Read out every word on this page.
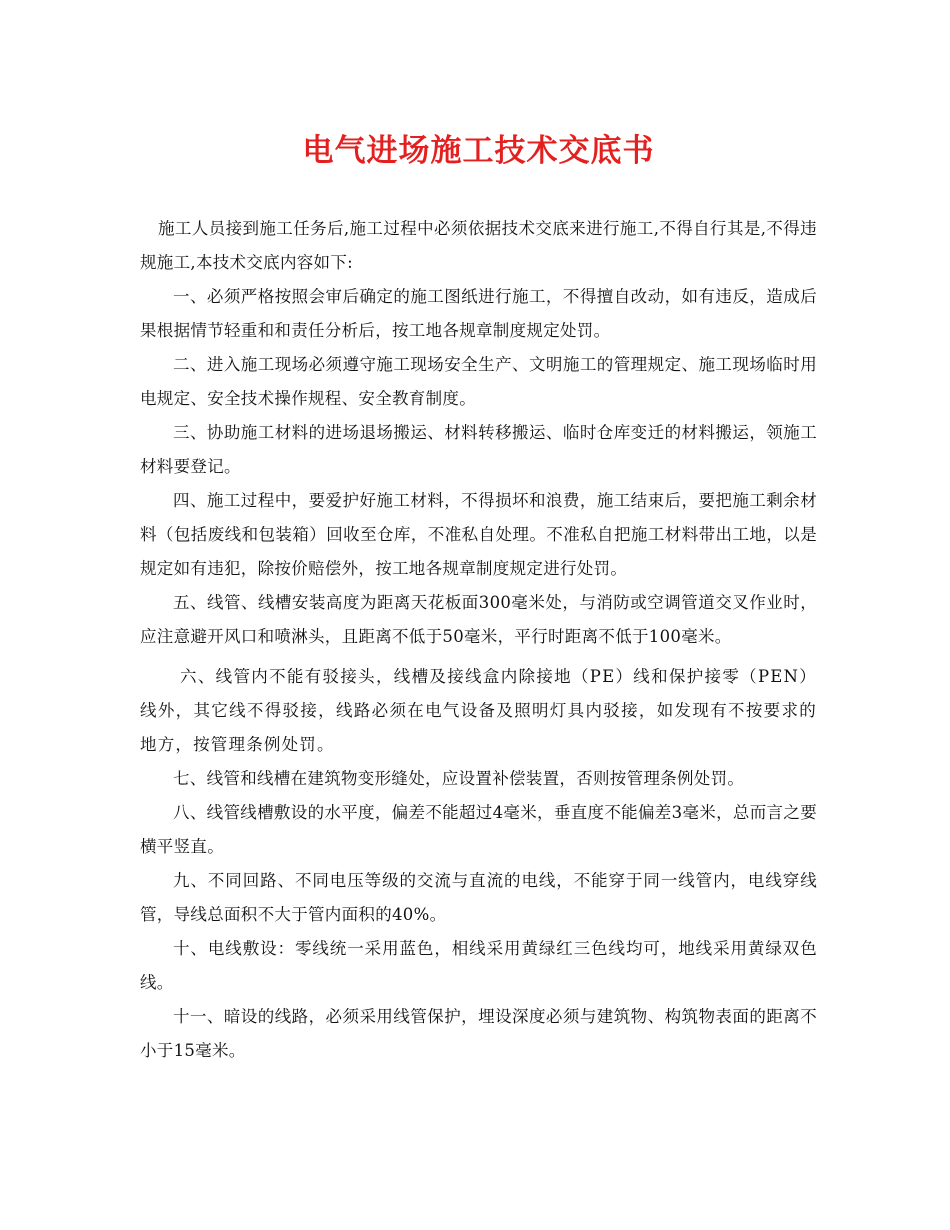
电气进场施工技术交底书

施工人员接到施工任务后,施工过程中必须依据技术交底来进行施工,不得自行其是,不得违规施工,本技术交底内容如下:

一、必须严格按照会审后确定的施工图纸进行施工，不得擅自改动，如有违反，造成后果根据情节轻重和和责任分析后，按工地各规章制度规定处罚。

二、进入施工现场必须遵守施工现场安全生产、文明施工的管理规定、施工现场临时用电规定、安全技术操作规程、安全教育制度。

三、协助施工材料的进场退场搬运、材料转移搬运、临时仓库变迁的材料搬运，领施工材料要登记。

四、施工过程中，要爱护好施工材料，不得损坏和浪费，施工结束后，要把施工剩余材料（包括废线和包装箱）回收至仓库，不准私自处理。不准私自把施工材料带出工地，以是规定如有违犯，除按价赔偿外，按工地各规章制度规定进行处罚。

五、线管、线槽安装高度为距离天花板面300毫米处，与消防或空调管道交叉作业时，应注意避开风口和喷淋头，且距离不低于50毫米，平行时距离不低于100毫米。

六、线管内不能有驳接头，线槽及接线盒内除接地（PE）线和保护接零（PEN）线外，其它线不得驳接，线路必须在电气设备及照明灯具内驳接，如发现有不按要求的地方，按管理条例处罚。

七、线管和线槽在建筑物变形缝处，应设置补偿装置，否则按管理条例处罚。

八、线管线槽敷设的水平度，偏差不能超过4毫米，垂直度不能偏差3毫米，总而言之要横平竖直。

九、不同回路、不同电压等级的交流与直流的电线，不能穿于同一线管内，电线穿线管，导线总面积不大于管内面积的40%。

十、电线敷设：零线统一采用蓝色，相线采用黄绿红三色线均可，地线采用黄绿双色线。

十一、暗设的线路，必须采用线管保护，埋设深度必须与建筑物、构筑物表面的距离不小于15毫米。
